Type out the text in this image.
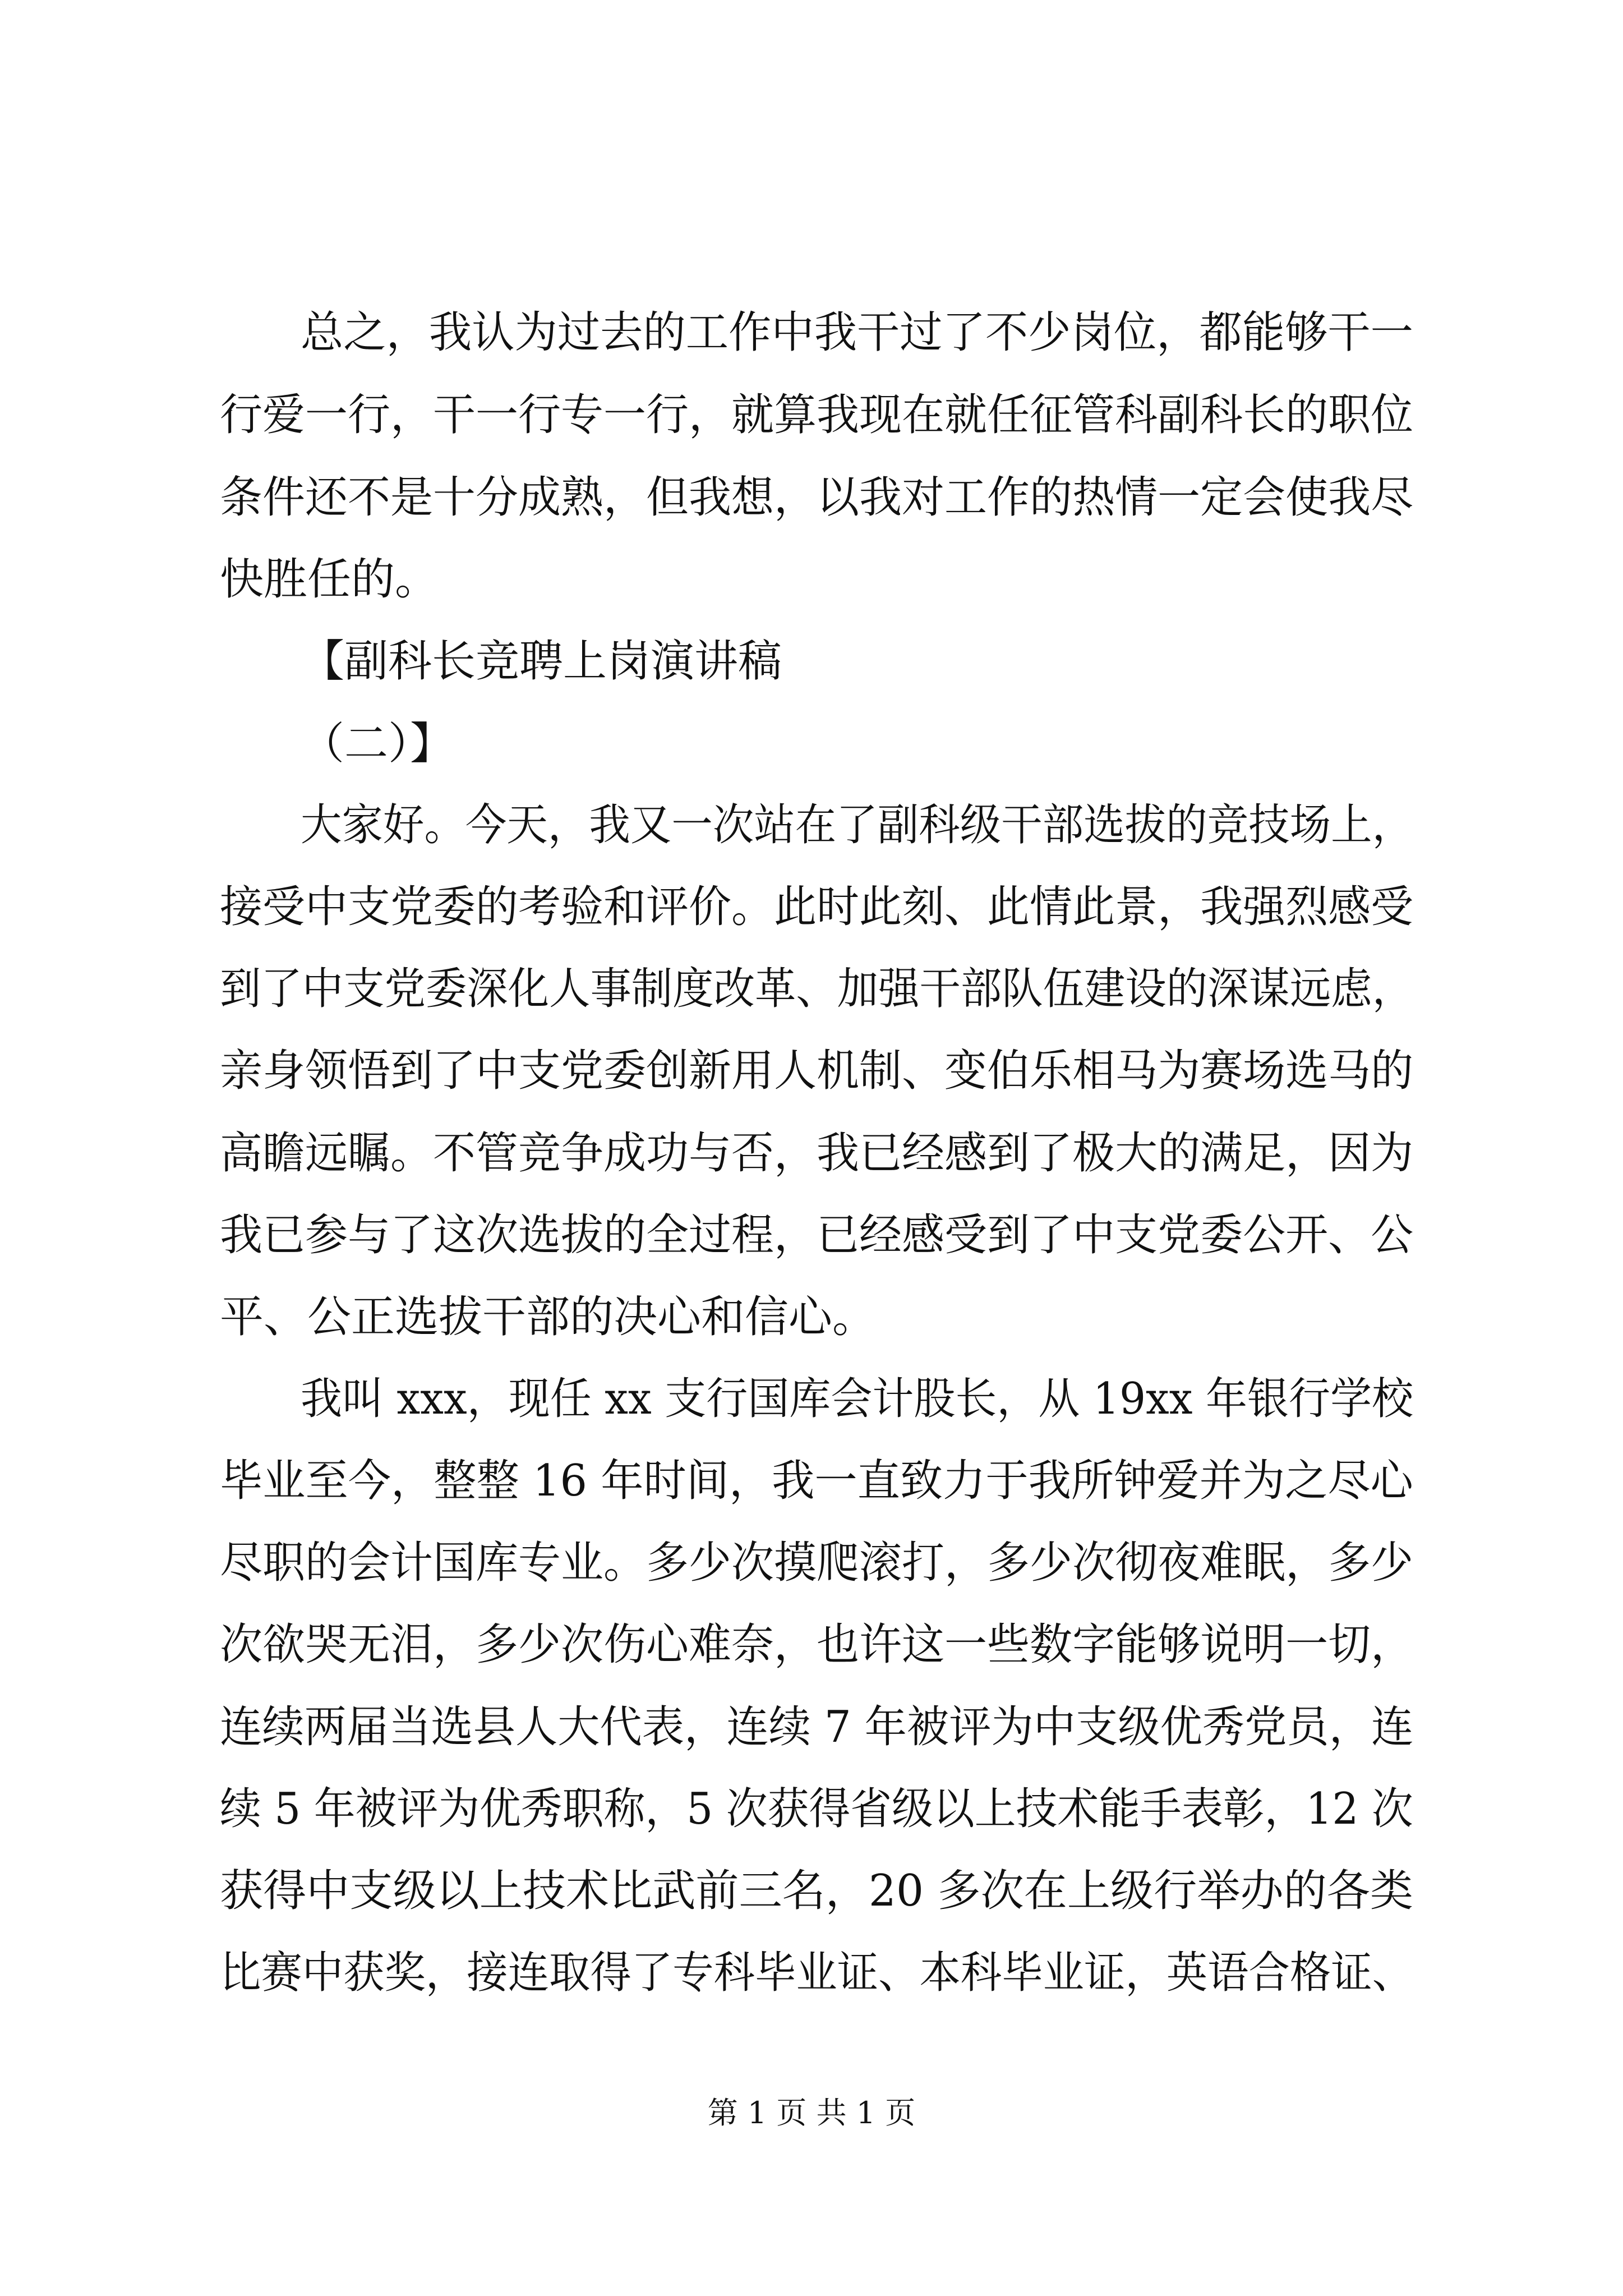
总之，我认为过去的工作中我干过了不少岗位，都能够干一
行爱一行，干一行专一行，就算我现在就任征管科副科长的职位
条件还不是十分成熟，但我想，以我对工作的热情一定会使我尽
快胜任的。
【副科长竞聘上岗演讲稿
（二）】
大家好。今天，我又一次站在了副科级干部选拔的竞技场上，
接受中支党委的考验和评价。此时此刻、此情此景，我强烈感受
到了中支党委深化人事制度改革、加强干部队伍建设的深谋远虑，
亲身领悟到了中支党委创新用人机制、变伯乐相马为赛场选马的
高瞻远瞩。不管竞争成功与否，我已经感到了极大的满足，因为
我已参与了这次选拔的全过程，已经感受到了中支党委公开、公
平、公正选拔干部的决心和信心。
我叫 xxx，现任 xx 支行国库会计股长，从 19xx 年银行学校
毕业至今，整整 16 年时间，我一直致力于我所钟爱并为之尽心
尽职的会计国库专业。多少次摸爬滚打，多少次彻夜难眠，多少
次欲哭无泪，多少次伤心难奈，也许这一些数字能够说明一切，
连续两届当选县人大代表，连续 7 年被评为中支级优秀党员，连
续 5 年被评为优秀职称，5 次获得省级以上技术能手表彰，12 次
获得中支级以上技术比武前三名，20 多次在上级行举办的各类
比赛中获奖，接连取得了专科毕业证、本科毕业证，英语合格证、
第 1 页 共 1 页
